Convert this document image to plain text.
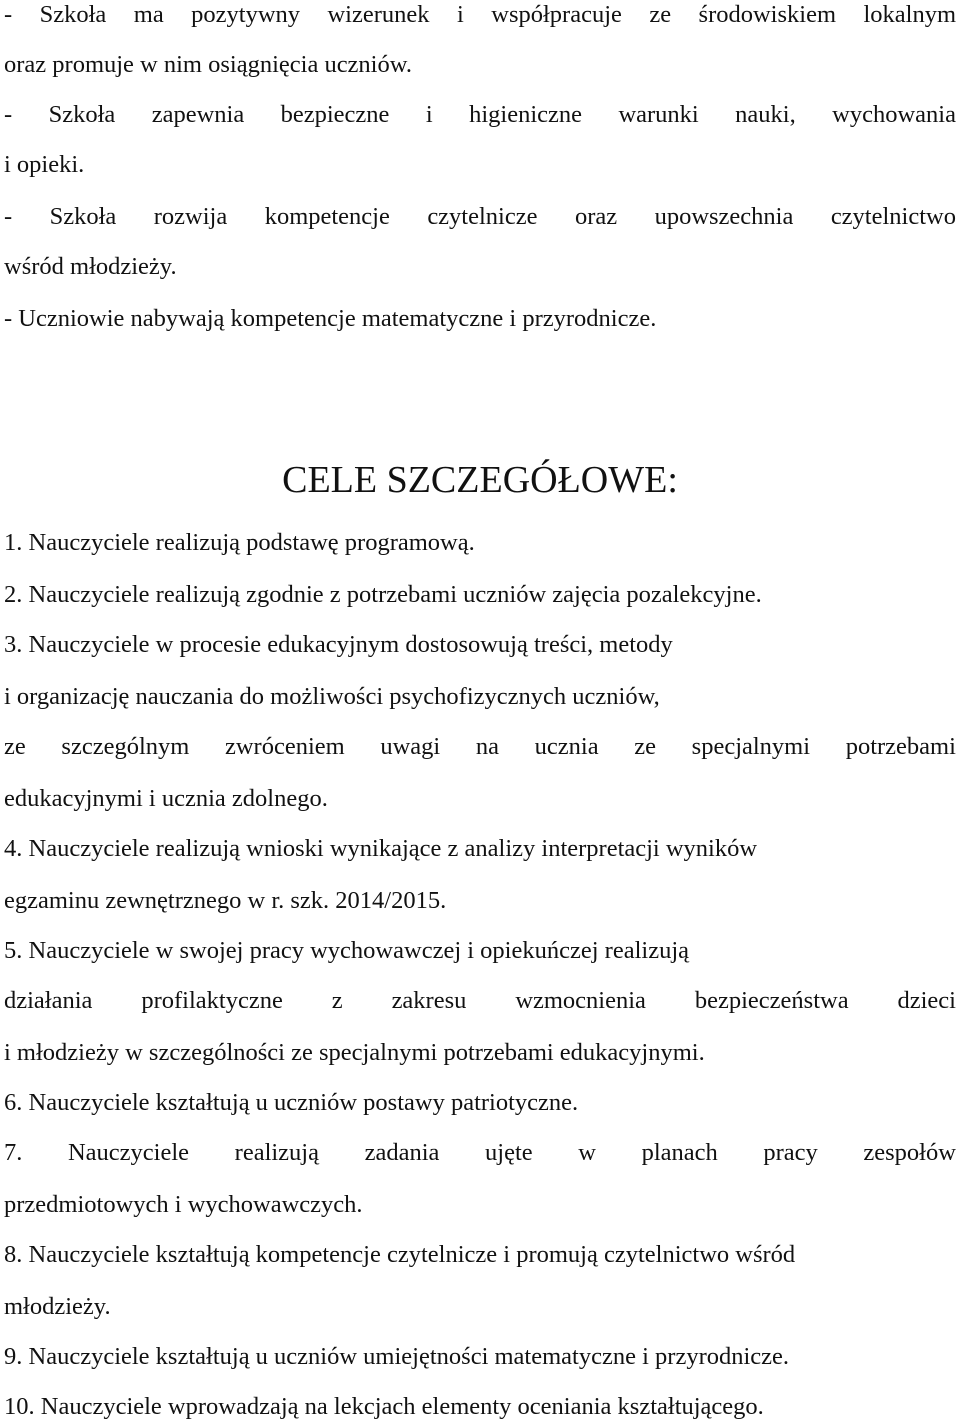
- Szkoła ma pozytywny wizerunek i współpracuje ze środowiskiem lokalnym
oraz promuje w nim osiągnięcia uczniów.
- Szkoła zapewnia bezpieczne i higieniczne warunki nauki, wychowania
i opieki.
- Szkoła rozwija kompetencje czytelnicze oraz upowszechnia czytelnictwo
wśród młodzieży.
- Uczniowie nabywają kompetencje matematyczne i przyrodnicze.
CELE SZCZEGÓŁOWE:
1. Nauczyciele realizują podstawę programową.
2. Nauczyciele realizują zgodnie z potrzebami uczniów zajęcia pozalekcyjne.
3. Nauczyciele w procesie edukacyjnym dostosowują treści, metody
i organizację nauczania do możliwości psychofizycznych uczniów,
ze szczególnym zwróceniem uwagi na ucznia ze specjalnymi potrzebami
edukacyjnymi i ucznia zdolnego.
4. Nauczyciele realizują wnioski wynikające z analizy interpretacji wyników
egzaminu zewnętrznego w r. szk. 2014/2015.
5. Nauczyciele w swojej pracy wychowawczej i opiekuńczej realizują
działania profilaktyczne z zakresu wzmocnienia bezpieczeństwa dzieci
i młodzieży w szczególności ze specjalnymi potrzebami edukacyjnymi.
6. Nauczyciele kształtują u uczniów postawy patriotyczne.
7. Nauczyciele realizują zadania ujęte w planach pracy zespołów
przedmiotowych i wychowawczych.
8. Nauczyciele kształtują kompetencje czytelnicze i promują czytelnictwo wśród
młodzieży.
9. Nauczyciele kształtują u uczniów umiejętności matematyczne i przyrodnicze.
10. Nauczyciele wprowadzają na lekcjach elementy oceniania kształtującego.
